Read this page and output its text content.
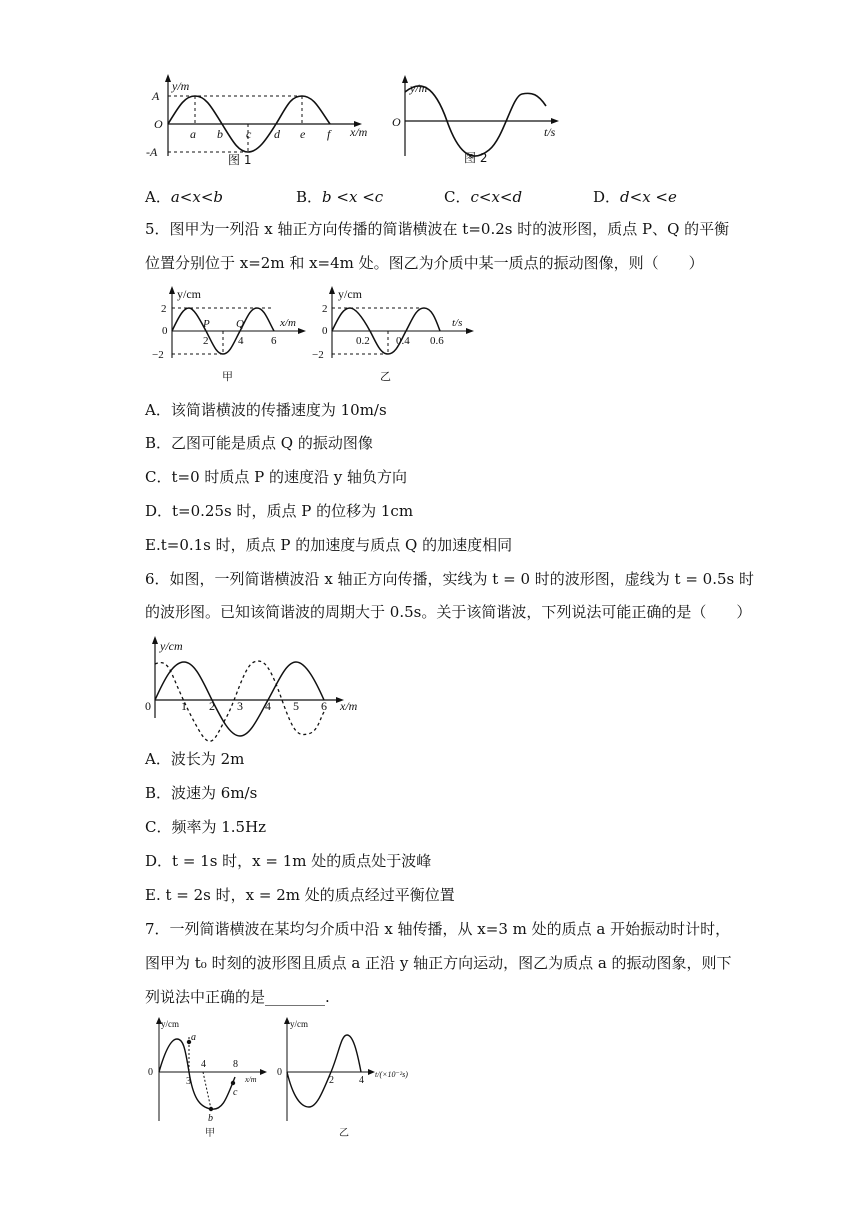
y/m
A
O
-A
a b c d e f x/m
图 1
y/m
O
t/s
图 2
A．a<x<b	B．b <x <c	C．c<x<d	D．d<x <e
5．图甲为一列沿 x 轴正方向传播的简谐横波在 t=0.2s 时的波形图，质点 P、Q 的平衡
位置分别位于 x=2m 和 x=4m 处。图乙为介质中某一质点的振动图像，则（　　）
y/cm
2
0
−2
P Q
2	4	6
x/m
甲
y/cm
2
0
−2
0.2 0.4 0.6
t/s
乙
A．该简谐横波的传播速度为 10m/s
B．乙图可能是质点 Q 的振动图像
C．t=0 时质点 P 的速度沿 y 轴负方向
D．t=0.25s 时，质点 P 的位移为 1cm
E.t=0.1s 时，质点 P 的加速度与质点 Q 的加速度相同
6．如图，一列简谐横波沿 x 轴正方向传播，实线为 t = 0 时的波形图，虚线为 t = 0.5s 时
的波形图。已知该简谐波的周期大于 0.5s。关于该简谐波，下列说法可能正确的是（　　）
y/cm
0	1 2 3 4 5 6 x/m
A．波长为 2m
B．波速为 6m/s
C．频率为 1.5Hz
D．t = 1s 时，x = 1m 处的质点处于波峰
E. t = 2s 时，x = 2m 处的质点经过平衡位置
7．一列简谐横波在某均匀介质中沿 x 轴传播，从 x=3 m 处的质点 a 开始振动时计时，
图甲为 t₀ 时刻的波形图且质点 a 正沿 y 轴正方向运动，图乙为质点 a 的振动图象，则下
列说法中正确的是________.
y/cm
0
a
3
4	8
b
c
x/m
甲
y/cm
0
2	4
t/(×10⁻²s)
乙
